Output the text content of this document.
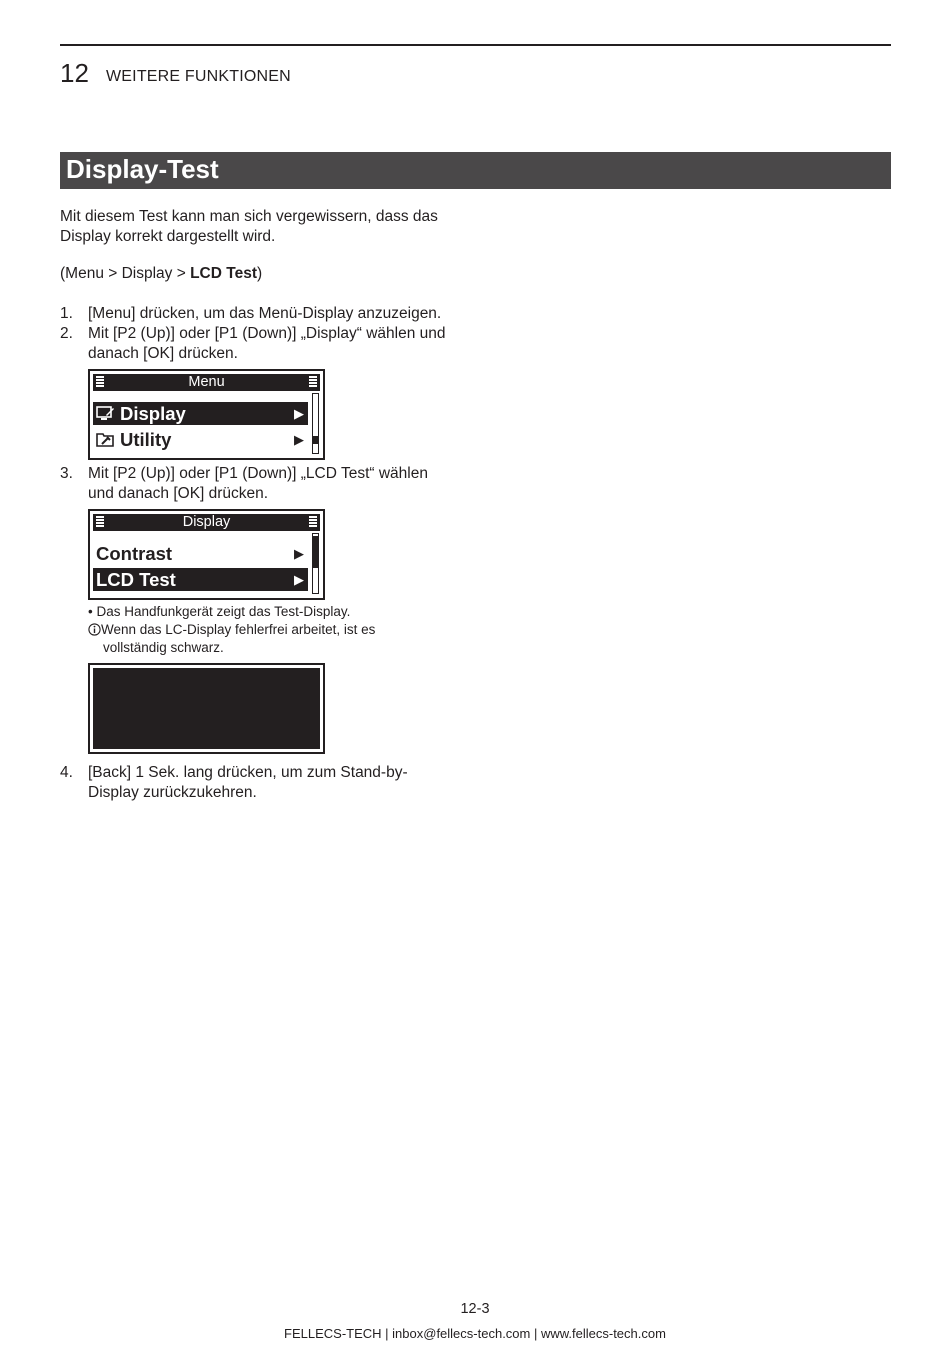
12 WEITERE FUNKTIONEN
Display-Test

Mit diesem Test kann man sich vergewissern, dass das Display korrekt dargestellt wird.

(Menu > Display > LCD Test)
1. [Menu] drücken, um das Menü-Display anzuzeigen.
2. Mit [P2 (Up)] oder [P1 (Down)] „Display“ wählen und danach [OK] drücken.
Menu
Display	▶
Utility	▶
3. Mit [P2 (Up)] oder [P1 (Down)] „LCD Test“ wählen und danach [OK] drücken.
Display
Contrast	▶
LCD Test	▶
• Das Handfunkgerät zeigt das Test-Display.
Wenn das LC-Display fehlerfrei arbeitet, ist es
vollständig schwarz.
4. [Back] 1 Sek. lang drücken, um zum Stand-by-Display zurückzukehren.
12-3
FELLECS-TECH | inbox@fellecs-tech.com | www.fellecs-tech.com
